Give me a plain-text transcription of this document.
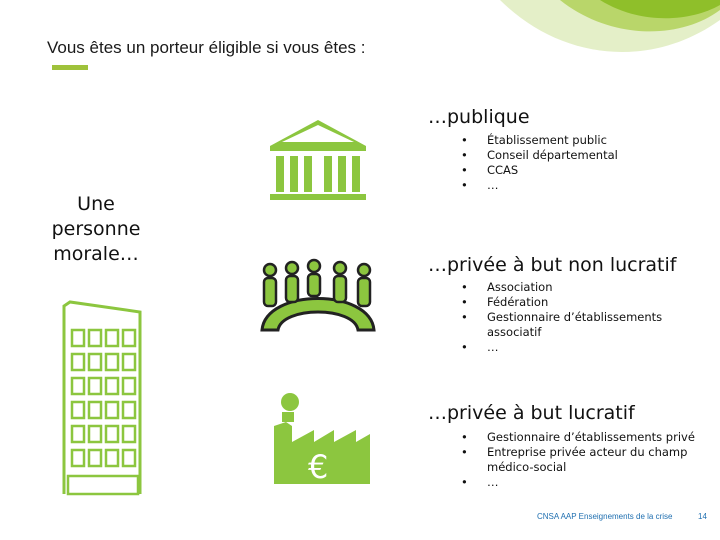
Vous êtes un porteur éligible si vous êtes :
Une personne morale…
€
…publique
• Établissement public
• Conseil départemental
• CCAS
• …
…privée à but non lucratif
• Association
• Fédération
• Gestionnaire d’établissements associatif
• …
…privée à but lucratif
• Gestionnaire d’établissements privé
• Entreprise privée acteur du champ médico-social
• …
CNSA AAP Enseignements de la crise	14
